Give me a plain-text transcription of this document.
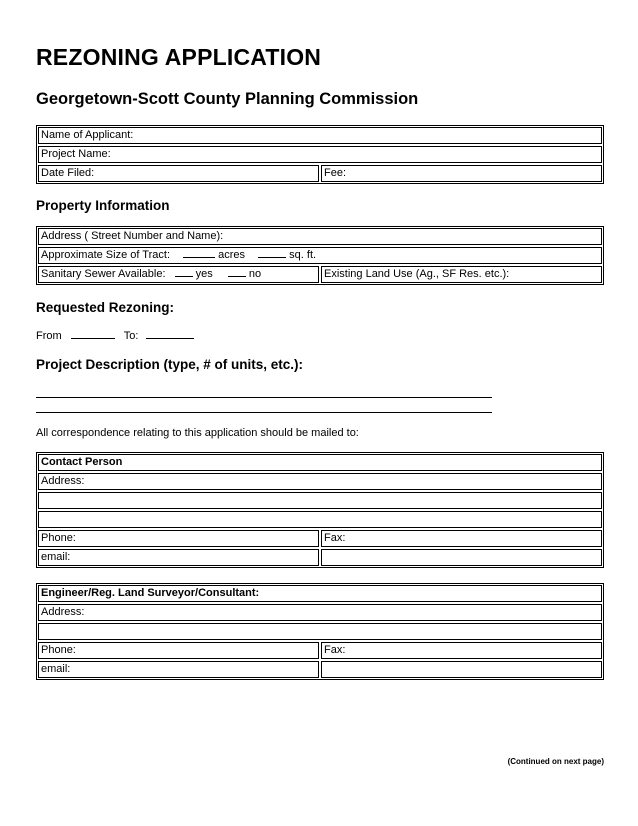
REZONING APPLICATION
Georgetown-Scott County Planning Commission
Name of Applicant:
Project Name:
Date Filed:	Fee:
Property Information
Address ( Street Number and Name):
Approximate Size of Tract:	acres	sq. ft.
Sanitary Sewer Available:	yes	no	Existing Land Use (Ag., SF Res. etc.):
Requested Rezoning:
From	To:
Project Description (type, # of units, etc.):
All correspondence relating to this application should be mailed to:
Contact Person
Address:
Phone:	Fax:
email:
Engineer/Reg. Land Surveyor/Consultant:
Address:
Phone:	Fax:
email:
(Continued on next page)
